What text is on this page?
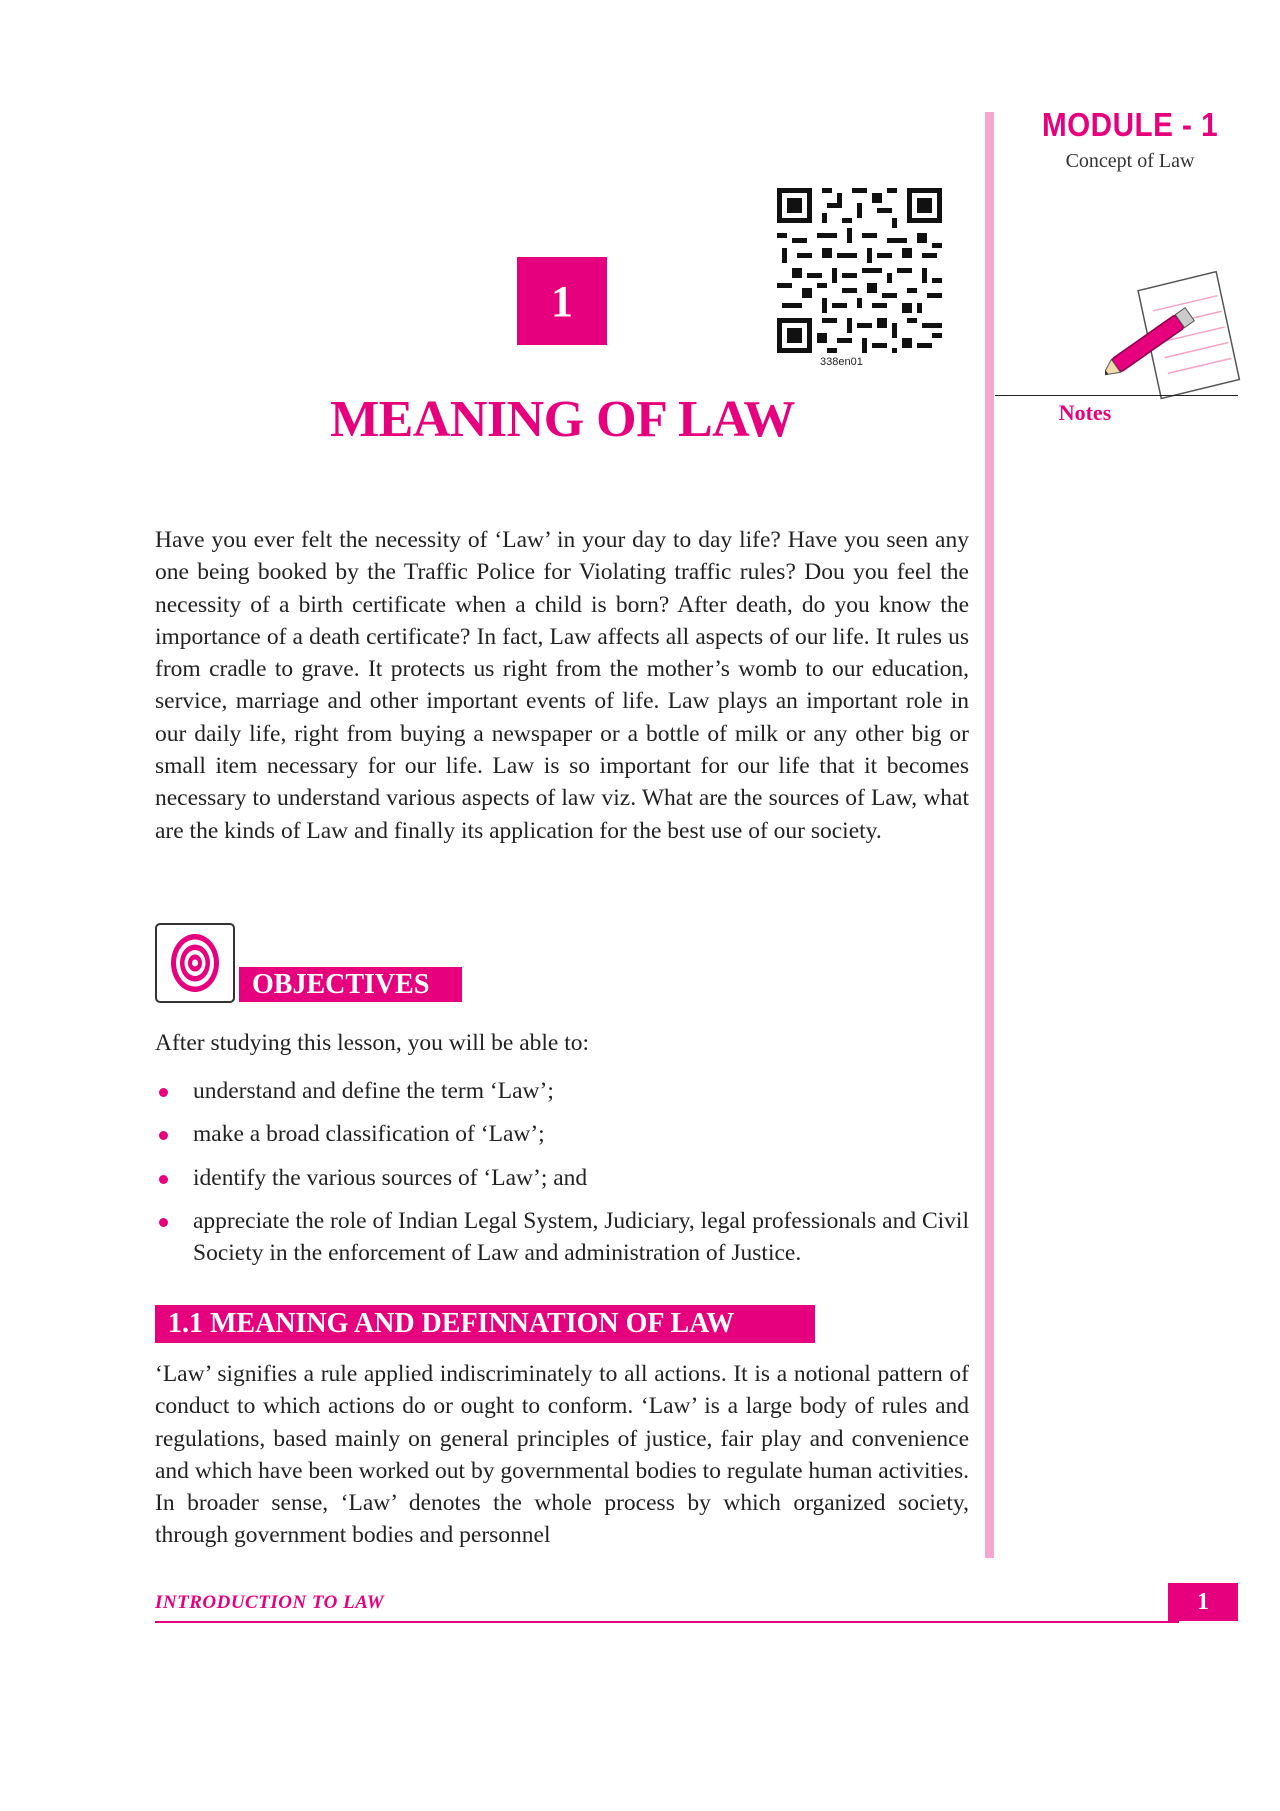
MODULE - 1
Concept of Law
Notes
1
338en01
MEANING OF LAW

Have you ever felt the necessity of ‘Law’ in your day to day life? Have you seen any one being booked by the Traffic Police for Violating traffic rules? Dou you feel the necessity of a birth certificate when a child is born? After death, do you know the importance of a death certificate? In fact, Law affects all aspects of our life. It rules us from cradle to grave. It protects us right from the mother’s womb to our education, service, marriage and other important events of life. Law plays an important role in our daily life, right from buying a newspaper or a bottle of milk or any other big or small item necessary for our life. Law is so important for our life that it becomes necessary to understand various aspects of law viz. What are the sources of Law, what are the kinds of Law and finally its application for the best use of our society.

OBJECTIVES

After studying this lesson, you will be able to:

understand and define the term ‘Law’;
make a broad classification of ‘Law’;
identify the various sources of ‘Law’; and
appreciate the role of Indian Legal System, Judiciary, legal professionals and Civil Society in the enforcement of Law and administration of Justice.
1.1 MEANING AND DEFINNATION OF LAW

‘Law’ signifies a rule applied indiscriminately to all actions. It is a notional pattern of conduct to which actions do or ought to conform. ‘Law’ is a large body of rules and regulations, based mainly on general principles of justice, fair play and convenience and which have been worked out by governmental bodies to regulate human activities. In broader sense, ‘Law’ denotes the whole process by which organized society, through government bodies and personnel

INTRODUCTION TO LAW	1
